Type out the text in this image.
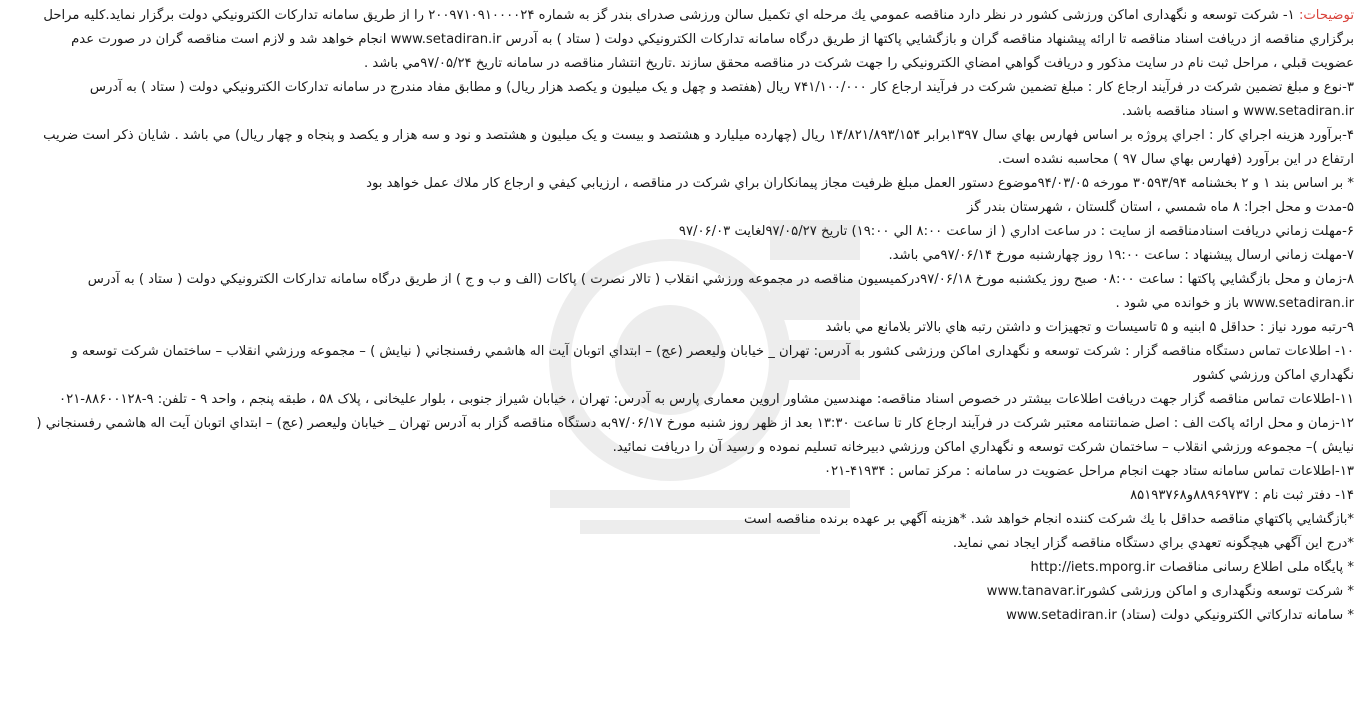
توضیحات: ۱- شرکت توسعه و نگهداری اماکن ورزشی کشور در نظر دارد مناقصه عمومي يك مرحله اي تكميل سالن ورزشی صدرای بندر گز به شماره ۲۰۰۹۷۱۰۹۱۰۰۰۰۲۴ را از طريق سامانه تداركات الكترونيكي دولت برگزار نمايد.كليه مراحل برگزاري مناقصه از دريافت اسناد مناقصه تا ارائه پيشنهاد مناقصه گران و بازگشايي پاكتها از طريق درگاه سامانه تداركات الكترونيكي دولت ( ستاد ) به آدرس www.setadiran.ir انجام خواهد شد و لازم است مناقصه گران در صورت عدم عضويت قبلي ، مراحل ثبت نام در سايت مذكور و دريافت گواهي امضاي الكترونيكي را جهت شركت در مناقصه محقق سازند .تاريخ انتشار مناقصه در سامانه تاريخ ۹۷/۰۵/۲۴مي باشد .

۳-نوع و مبلغ تضمين شركت در فرآيند ارجاع كار : مبلغ تضمین شرکت در فرآیند ارجاع کار ۷۴۱/۱۰۰/۰۰۰ ریال (هفتصد و چهل و یک میلیون و یکصد هزار ریال) و مطابق مفاد مندرج در سامانه تداركات الكترونيكي دولت ( ستاد ) به آدرس www.setadiran.ir و اسناد مناقصه باشد.

۴-برآورد هزينه اجراي كار : اجراي پروژه بر اساس فهارس بهاي سال ۱۳۹۷برابر ۱۴/۸۲۱/۸۹۳/۱۵۴ ريال (چهارده میلیارد و هشتصد و بیست و یک میلیون و هشتصد و نود و سه هزار و یکصد و پنجاه و چهار ریال) مي باشد . شايان ذكر است ضريب ارتفاع در اين برآورد (فهارس بهاي سال ۹۷ ) محاسبه نشده است.

* بر اساس بند ۱ و ۲ بخشنامه ۳۰۵۹۳/۹۴ مورخه ۹۴/۰۳/۰۵موضوع دستور العمل مبلغ ظرفيت مجاز پيمانكاران براي شركت در مناقصه ، ارزيابي كيفي و ارجاع كار ملاك عمل خواهد بود

۵-مدت و محل اجرا: ۸ ماه شمسي ، استان گلستان ، شهرستان بندر گز

۶-مهلت زماني دريافت اسنادمناقصه از سايت : در ساعت اداري ( از ساعت ۸:۰۰ الي ۱۹:۰۰) تاريخ ۹۷/۰۵/۲۷لغايت ۹۷/۰۶/۰۳

۷-مهلت زماني ارسال پيشنهاد : ساعت ۱۹:۰۰ روز چهارشنبه مورخ ۹۷/۰۶/۱۴مي باشد.

۸-زمان و محل بازگشايي پاكتها : ساعت ۰۸:۰۰ صبح روز يكشنبه مورخ ۹۷/۰۶/۱۸دركميسيون مناقصه در مجموعه ورزشي انقلاب ( تالار نصرت ) پاكات (الف و ب و ج ) از طريق درگاه سامانه تداركات الكترونيكي دولت ( ستاد ) به آدرس www.setadiran.ir باز و خوانده مي شود .

۹-رتبه مورد نياز : حداقل ۵ ابنيه و ۵ تاسیسات و تجهیزات و داشتن رتبه هاي بالاتر بلامانع مي باشد

۱۰- اطلاعات تماس دستگاه مناقصه گزار : شرکت توسعه و نگهداری اماکن ورزشی کشور به آدرس: تهران _ خيابان وليعصر (عج) – ابتداي اتوبان آيت اله هاشمي رفسنجاني ( نيايش ) – مجموعه ورزشي انقلاب – ساختمان شركت توسعه و نگهداري اماكن ورزشي كشور

۱۱-اطلاعات تماس مناقصه گزار جهت دریافت اطلاعات بیشتر در خصوص اسناد مناقصه: مهندسین مشاور اروین معماری پارس به آدرس: تهران ، خیابان شیراز جنوبی ، بلوار علیخانی ، پلاک ۵۸ ، طبقه پنجم ، واحد ۹ - تلفن: ۹-۸۸۶۰۰۱۲۸-۰۲۱

۱۲-زمان و محل ارائه پاكت الف : اصل ضمانتنامه معتبر شركت در فرآيند ارجاع كار تا ساعت ۱۳:۳۰ بعد از ظهر روز شنبه مورخ ۹۷/۰۶/۱۷به دستگاه مناقصه گزار به آدرس تهران _ خيابان وليعصر (عج) – ابتداي اتوبان آيت اله هاشمي رفسنجاني ( نيايش )– مجموعه ورزشي انقلاب – ساختمان شركت توسعه و نگهداري اماكن ورزشي دبيرخانه تسليم نموده و رسيد آن را دريافت نمائيد.

۱۳-اطلاعات تماس سامانه ستاد جهت انجام مراحل عضويت در سامانه : مركز تماس : ۴۱۹۳۴-۰۲۱

۱۴- دفتر ثبت نام : ۸۸۹۶۹۷۳۷و۸۵۱۹۳۷۶۸

*بازگشايي پاكتهاي مناقصه حداقل با يك شركت كننده انجام خواهد شد. *هزينه آگهي بر عهده برنده مناقصه است

*درج اين آگهي هيچگونه تعهدي براي دستگاه مناقصه گزار ايجاد نمي نمايد.

* پایگاه ملی اطلاع رسانی مناقصات http://iets.mporg.ir

* شرکت توسعه ونگهداری و اماکن ورزشی کشورwww.tanavar.ir

* سامانه تداركاتي الكترونيكي دولت (ستاد) www.setadiran.ir
